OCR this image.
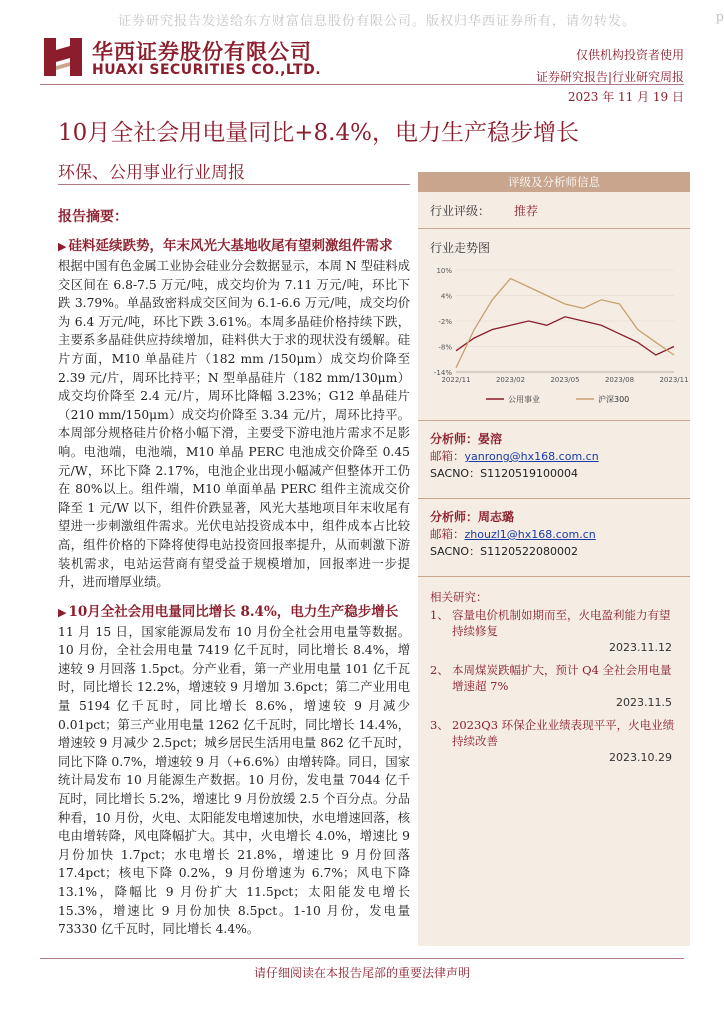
证券研究报告发送给东方财富信息股份有限公司。版权归华西证券所有，请勿转发。	p
华西证券股份有限公司
HUAXI SECURITIES CO.,LTD.
仅供机构投资者使用
证券研究报告|行业研究周报
2023 年 11 月 19 日
10月全社会用电量同比+8.4%，电力生产稳步增长
环保、公用事业行业周报
报告摘要：
▶ 硅料延续跌势，年末风光大基地收尾有望刺激组件需求

根据中国有色金属工业协会硅业分会数据显示，本周 N 型硅料成交区间在 6.8-7.5 万元/吨，成交均价为 7.11 万元/吨，环比下跌 3.79%。单晶致密料成交区间为 6.1-6.6 万元/吨，成交均价为 6.4 万元/吨，环比下跌 3.61%。本周多晶硅价格持续下跌，主要系多晶硅供应持续增加，硅料供大于求的现状没有缓解。硅片方面，M10 单晶硅片（182 mm /150μm）成交均价降至 2.39 元/片，周环比持平；N 型单晶硅片（182 mm/130μm）成交均价降至 2.4 元/片，周环比降幅 3.23%；G12 单晶硅片（210 mm/150μm）成交均价降至 3.34 元/片，周环比持平。本周部分规格硅片价格小幅下滑，主要受下游电池片需求不足影响。电池端，电池端，M10 单晶 PERC 电池成交价降至 0.45 元/W，环比下降 2.17%，电池企业出现小幅减产但整体开工仍在 80%以上。组件端，M10 单面单晶 PERC 组件主流成交价降至 1 元/W 以下，组件价跌显著，风光大基地项目年末收尾有望进一步刺激组件需求。光伏电站投资成本中，组件成本占比较高，组件价格的下降将使得电站投资回报率提升，从而刺激下游装机需求，电站运营商有望受益于规模增加，回报率进一步提升，进而增厚业绩。

▶ 10月全社会用电量同比增长 8.4%，电力生产稳步增长

11 月 15 日，国家能源局发布 10 月份全社会用电量等数据。10 月份，全社会用电量 7419 亿千瓦时，同比增长 8.4%，增速较 9 月回落 1.5pct。分产业看，第一产业用电量 101 亿千瓦时，同比增长 12.2%，增速较 9 月增加 3.6pct；第二产业用电量 5194 亿千瓦时，同比增长 8.6%，增速较 9 月减少 0.01pct；第三产业用电量 1262 亿千瓦时，同比增长 14.4%，增速较 9 月减少 2.5pct；城乡居民生活用电量 862 亿千瓦时，同比下降 0.7%，增速较 9 月（+6.6%）由增转降。同日，国家统计局发布 10 月能源生产数据。10 月份，发电量 7044 亿千瓦时，同比增长 5.2%，增速比 9 月份放缓 2.5 个百分点。分品种看，10 月份，火电、太阳能发电增速加快，水电增速回落，核电由增转降，风电降幅扩大。其中，火电增长 4.0%，增速比 9 月份加快 1.7pct；水电增长 21.8%，增速比 9 月份回落 17.4pct；核电下降 0.2%，9 月份增速为 6.7%；风电下降 13.1%，降幅比 9 月份扩大 11.5pct；太阳能发电增长 15.3%，增速比 9 月份加快 8.5pct。1-10 月份，发电量 73330 亿千瓦时，同比增长 4.4%。

评级及分析师信息
行业评级： 推荐
行业走势图
10%
4%
-2%
-8%
-14%
2022/11	2023/02	2023/05	2023/08	2023/11
公用事业	沪深300
分析师：晏溶
邮箱：yanrong@hx168.com.cn
SACNO：S1120519100004
分析师：周志璐
邮箱：zhouzl1@hx168.com.cn
SACNO：S1120522080002
相关研究：
1、 容量电价机制如期而至，火电盈利能力有望持续修复
2023.11.12
2、 本周煤炭跌幅扩大，预计 Q4 全社会用电量增速超 7%
2023.11.5
3、 2023Q3 环保企业业绩表现平平，火电业绩持续改善
2023.10.29
请仔细阅读在本报告尾部的重要法律声明
